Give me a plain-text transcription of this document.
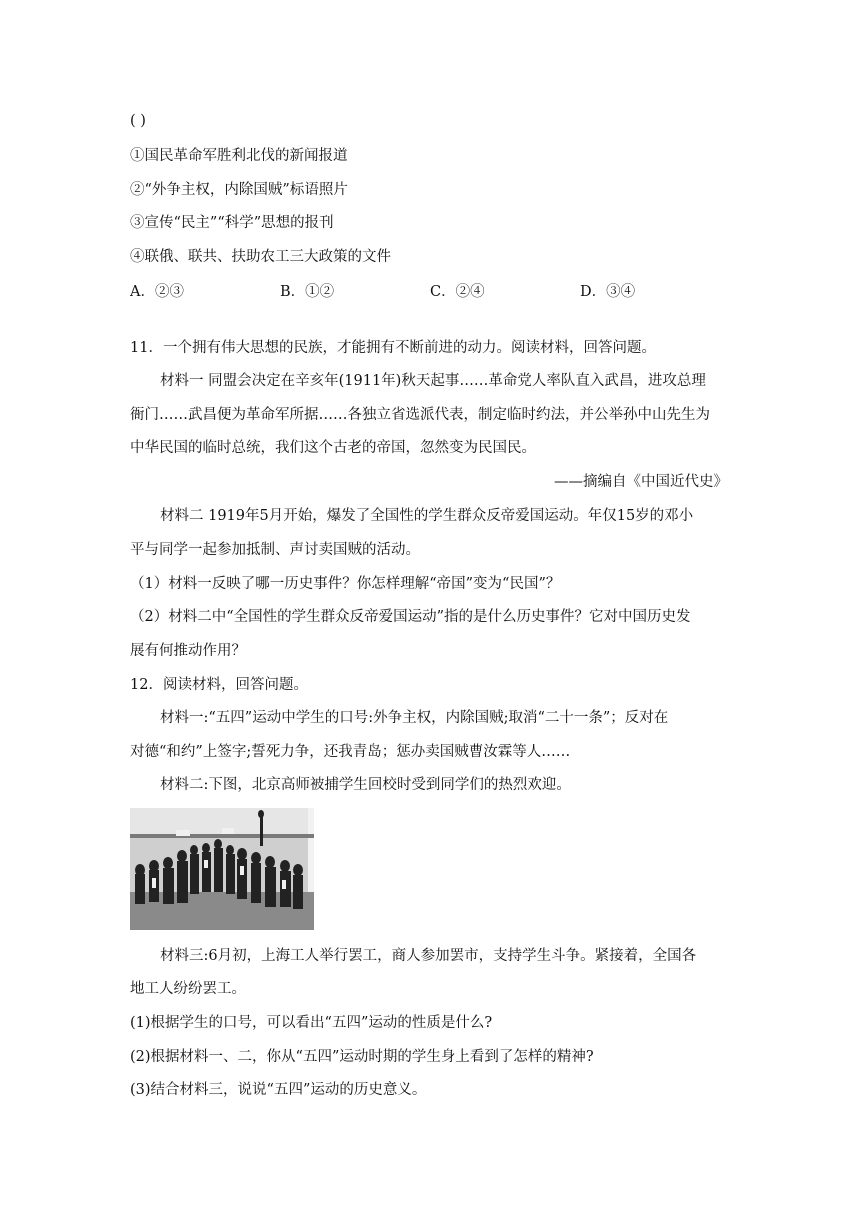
( )
①国民革命军胜利北伐的新闻报道
②“外争主权，内除国贼”标语照片
③宣传“民主”“科学”思想的报刊
④联俄、联共、扶助农工三大政策的文件
A．②③	B．①②	C．②④	D．③④
11．一个拥有伟大思想的民族，才能拥有不断前进的动力。阅读材料，回答问题。
材料一 同盟会决定在辛亥年(1911年)秋天起事……革命党人率队直入武昌，进攻总理
衙门……武昌便为革命军所据……各独立省选派代表，制定临时约法，并公举孙中山先生为
中华民国的临时总统，我们这个古老的帝国，忽然变为民国民。
——摘编自《中国近代史》
材料二 1919年5月开始，爆发了全国性的学生群众反帝爱国运动。年仅15岁的邓小
平与同学一起参加抵制、声讨卖国贼的活动。
（1）材料一反映了哪一历史事件？你怎样理解“帝国”变为“民国”？
（2）材料二中“全国性的学生群众反帝爱国运动”指的是什么历史事件？它对中国历史发
展有何推动作用？
12．阅读材料，回答问题。
材料一:“五四”运动中学生的口号:外争主权，内除国贼;取消“二十一条”；反对在
对德“和约”上签字;誓死力争，还我青岛；惩办卖国贼曹汝霖等人……
材料二:下图，北京高师被捕学生回校时受到同学们的热烈欢迎。
材料三:6月初，上海工人举行罢工，商人参加罢市，支持学生斗争。紧接着，全国各
地工人纷纷罢工。
(1)根据学生的口号，可以看出“五四”运动的性质是什么?
(2)根据材料一、二，你从“五四”运动时期的学生身上看到了怎样的精神?
(3)结合材料三，说说“五四”运动的历史意义。
